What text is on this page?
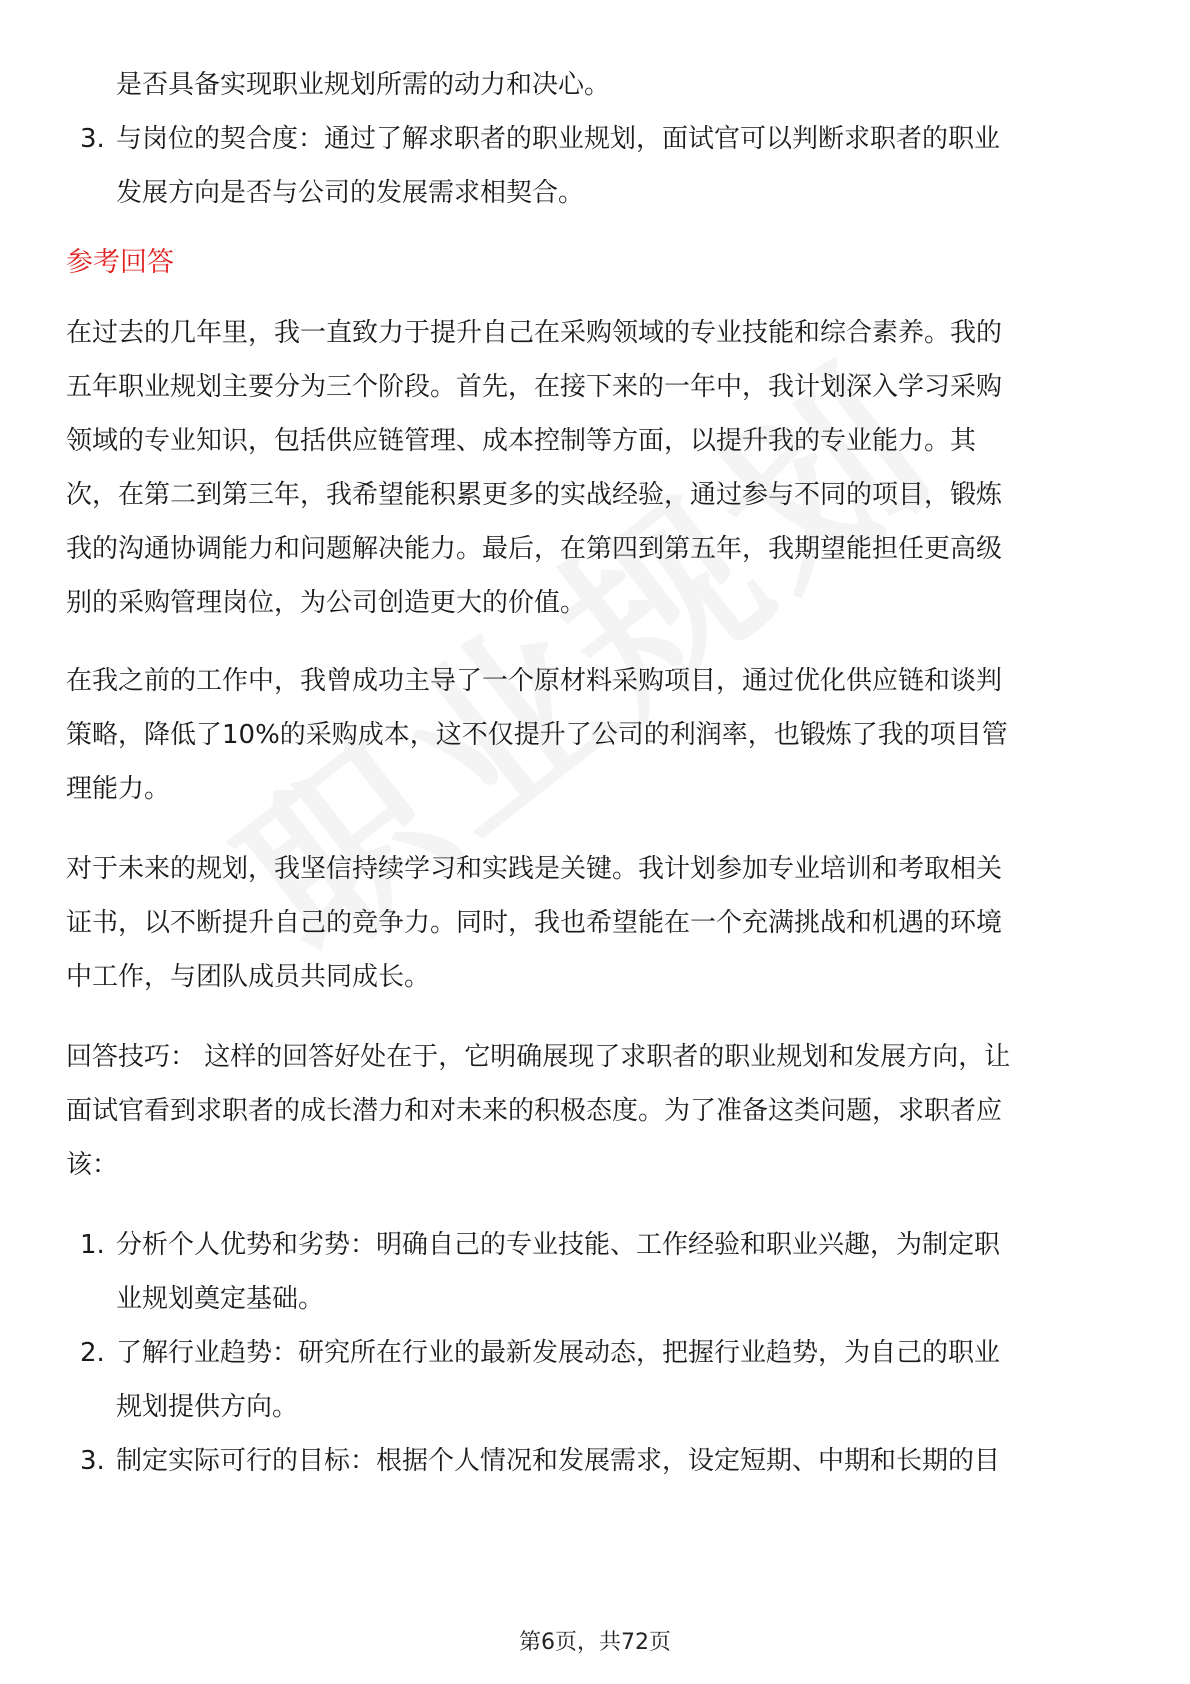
是否具备实现职业规划所需的动力和决心。
3. 与岗位的契合度：通过了解求职者的职业规划，面试官可以判断求职者的职业
发展方向是否与公司的发展需求相契合。
参考回答
在过去的几年里，我一直致力于提升自己在采购领域的专业技能和综合素养。我的
五年职业规划主要分为三个阶段。首先，在接下来的一年中，我计划深入学习采购
领域的专业知识，包括供应链管理、成本控制等方面，以提升我的专业能力。其
次，在第二到第三年，我希望能积累更多的实战经验，通过参与不同的项目，锻炼
我的沟通协调能力和问题解决能力。最后，在第四到第五年，我期望能担任更高级
别的采购管理岗位，为公司创造更大的价值。
在我之前的工作中，我曾成功主导了一个原材料采购项目，通过优化供应链和谈判
策略，降低了10%的采购成本，这不仅提升了公司的利润率，也锻炼了我的项目管
理能力。
对于未来的规划，我坚信持续学习和实践是关键。我计划参加专业培训和考取相关
证书，以不断提升自己的竞争力。同时，我也希望能在一个充满挑战和机遇的环境
中工作，与团队成员共同成长。
回答技巧： 这样的回答好处在于，它明确展现了求职者的职业规划和发展方向，让
面试官看到求职者的成长潜力和对未来的积极态度。为了准备这类问题，求职者应
该：
1. 分析个人优势和劣势：明确自己的专业技能、工作经验和职业兴趣，为制定职
业规划奠定基础。
2. 了解行业趋势：研究所在行业的最新发展动态，把握行业趋势，为自己的职业
规划提供方向。
3. 制定实际可行的目标：根据个人情况和发展需求，设定短期、中期和长期的目
第6页，共72页
